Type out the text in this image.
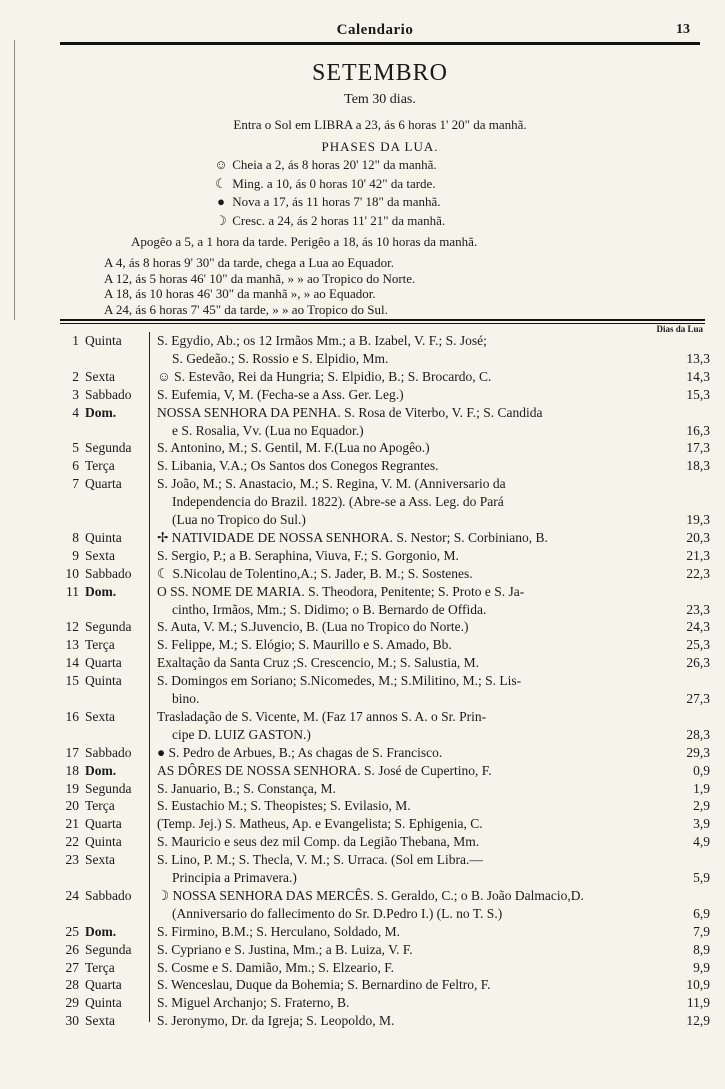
Calendario	13
SETEMBRO
Tem 30 dias.
Entra o Sol em LIBRA a 23, ás 6 horas 1' 20" da manhã.
PHASES DA LUA.
☺ Cheia a 2, ás 8 horas 20' 12" da manhã.
☾ Ming. a 10, ás 0 horas 10' 42" da tarde.
● Nova a 17, ás 11 horas 7' 18" da manhã.
☽ Cresc. a 24, ás 2 horas 11' 21" da manhã.
Apogêo a 5, a 1 hora da tarde. Perigêo a 18, ás 10 horas da manhã.
A 4, ás 8 horas 9' 30" da tarde, chega a Lua ao Equador.
A 12, ás 5 horas 46' 10" da manhã, » » ao Tropico do Norte.
A 18, ás 10 horas 46' 30" da manhã », » ao Equador.
A 24, ás 6 horas 7' 45" da tarde, » » ao Tropico do Sul.
Dias da Lua
1 Quinta	S. Egydio, Ab.; os 12 Irmãos Mm.; a B. Izabel, V. F.; S. José;
S. Gedeão.; S. Rossio e S. Elpidio, Mm.	13,3
2 Sexta	☺ S. Estevão, Rei da Hungria; S. Elpidio, B.; S. Brocardo, C.	14,3
3 Sabbado S. Eufemia, V, M. (Fecha-se a Ass. Ger. Leg.)	15,3
4 Dom.	NOSSA SENHORA DA PENHA. S. Rosa de Viterbo, V. F.; S. Candida
e S. Rosalia, Vv. (Lua no Equador.)	16,3
5 Segunda S. Antonino, M.; S. Gentil, M. F.(Lua no Apogêo.)	17,3
6 Terça	S. Libania, V.A.; Os Santos dos Conegos Regrantes.	18,3
7 Quarta	S. João, M.; S. Anastacio, M.; S. Regina, V. M. (Anniversario da
Independencia do Brazil. 1822). (Abre-se a Ass. Leg. do Pará
(Lua no Tropico do Sul.)	19,3
8 Quinta	✢ NATIVIDADE DE NOSSA SENHORA. S. Nestor; S. Corbiniano, B.	20,3
9 Sexta	S. Sergio, P.; a B. Seraphina, Viuva, F.; S. Gorgonio, M.	21,3
10 Sabbado ☾ S.Nicolau de Tolentino,A.; S. Jader, B. M.; S. Sostenes.	22,3
11 Dom.	O SS. NOME DE MARIA. S. Theodora, Penitente; S. Proto e S. Ja-
cintho, Irmãos, Mm.; S. Didimo; o B. Bernardo de Offida.	23,3
12 Segunda S. Auta, V. M.; S.Juvencio, B. (Lua no Tropico do Norte.)	24,3
13 Terça	S. Felippe, M.; S. Elógio; S. Maurillo e S. Amado, Bb.	25,3
14 Quarta	Exaltação da Santa Cruz ;S. Crescencio, M.; S. Salustia, M.	26,3
15 Quinta	S. Domingos em Soriano; S.Nicomedes, M.; S.Militino, M.; S. Lis-
bino.	27,3
16 Sexta	Trasladação de S. Vicente, M. (Faz 17 annos S. A. o Sr. Prin-
cipe D. LUIZ GASTON.)	28,3
17 Sabbado ● S. Pedro de Arbues, B.; As chagas de S. Francisco.	29,3
18 Dom.	AS DÔRES DE NOSSA SENHORA. S. José de Cupertino, F.	0,9
19 Segunda S. Januario, B.; S. Constança, M.	1,9
20 Terça	S. Eustachio M.; S. Theopistes; S. Evilasio, M.	2,9
21 Quarta	(Temp. Jej.) S. Matheus, Ap. e Evangelista; S. Ephigenia, C.	3,9
22 Quinta	S. Mauricio e seus dez mil Comp. da Legião Thebana, Mm.	4,9
23 Sexta	S. Lino, P. M.; S. Thecla, V. M.; S. Urraca. (Sol em Libra.—
Principia a Primavera.)	5,9
24 Sabbado ☽ NOSSA SENHORA DAS MERCÊS. S. Geraldo, C.; o B. João Dalmacio,D.
(Anniversario do fallecimento do Sr. D.Pedro I.) (L. no T. S.)	6,9
25 Dom.	S. Firmino, B.M.; S. Herculano, Soldado, M.	7,9
26 Segunda S. Cypriano e S. Justina, Mm.; a B. Luiza, V. F.	8,9
27 Terça	S. Cosme e S. Damião, Mm.; S. Elzeario, F.	9,9
28 Quarta	S. Wenceslau, Duque da Bohemia; S. Bernardino de Feltro, F.	10,9
29 Quinta	S. Miguel Archanjo; S. Fraterno, B.	11,9
30 Sexta	S. Jeronymo, Dr. da Igreja; S. Leopoldo, M.	12,9
